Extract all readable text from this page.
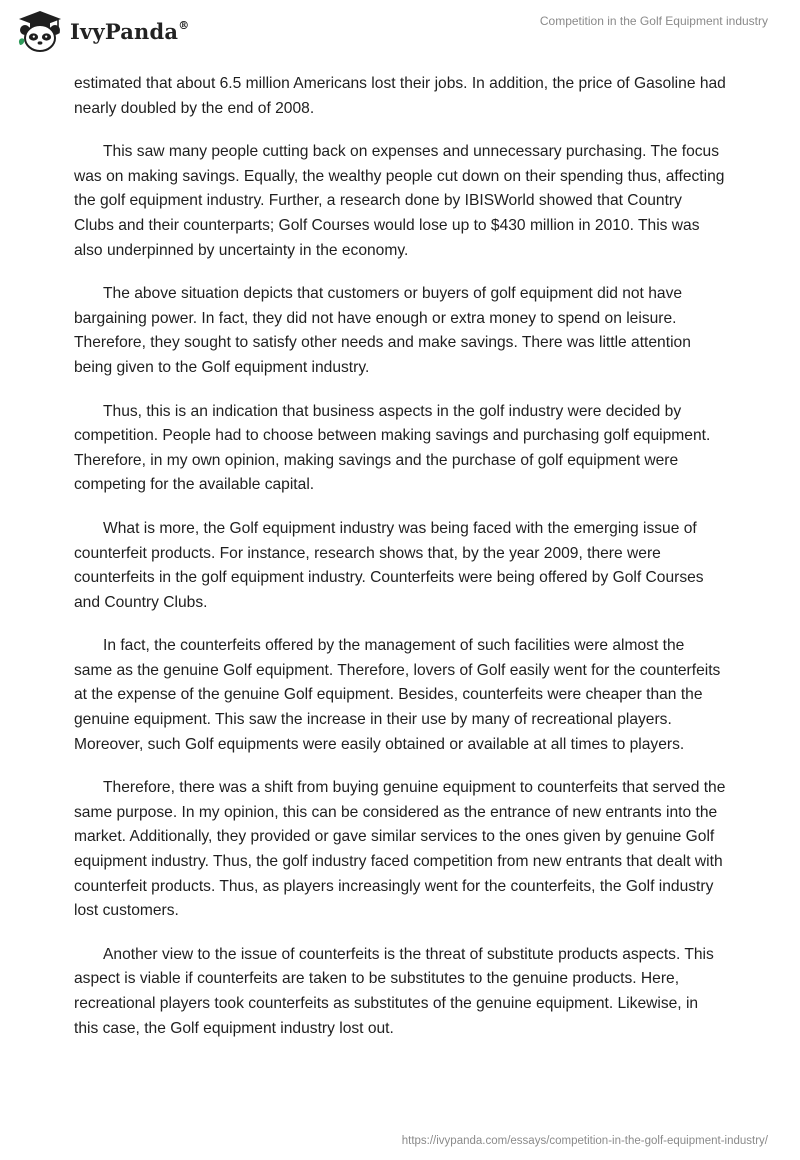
IvyPanda®	Competition in the Golf Equipment industry

estimated that about 6.5 million Americans lost their jobs. In addition, the price of Gasoline had nearly doubled by the end of 2008.

This saw many people cutting back on expenses and unnecessary purchasing. The focus was on making savings. Equally, the wealthy people cut down on their spending thus, affecting the golf equipment industry. Further, a research done by IBISWorld showed that Country Clubs and their counterparts; Golf Courses would lose up to $430 million in 2010. This was also underpinned by uncertainty in the economy.

The above situation depicts that customers or buyers of golf equipment did not have bargaining power. In fact, they did not have enough or extra money to spend on leisure. Therefore, they sought to satisfy other needs and make savings. There was little attention being given to the Golf equipment industry.

Thus, this is an indication that business aspects in the golf industry were decided by competition. People had to choose between making savings and purchasing golf equipment. Therefore, in my own opinion, making savings and the purchase of golf equipment were competing for the available capital.

What is more, the Golf equipment industry was being faced with the emerging issue of counterfeit products. For instance, research shows that, by the year 2009, there were counterfeits in the golf equipment industry. Counterfeits were being offered by Golf Courses and Country Clubs.

In fact, the counterfeits offered by the management of such facilities were almost the same as the genuine Golf equipment. Therefore, lovers of Golf easily went for the counterfeits at the expense of the genuine Golf equipment. Besides, counterfeits were cheaper than the genuine equipment. This saw the increase in their use by many of recreational players. Moreover, such Golf equipments were easily obtained or available at all times to players.

Therefore, there was a shift from buying genuine equipment to counterfeits that served the same purpose. In my opinion, this can be considered as the entrance of new entrants into the market. Additionally, they provided or gave similar services to the ones given by genuine Golf equipment industry. Thus, the golf industry faced competition from new entrants that dealt with counterfeit products. Thus, as players increasingly went for the counterfeits, the Golf industry lost customers.

Another view to the issue of counterfeits is the threat of substitute products aspects. This aspect is viable if counterfeits are taken to be substitutes to the genuine products. Here, recreational players took counterfeits as substitutes of the genuine equipment. Likewise, in this case, the Golf equipment industry lost out.

https://ivypanda.com/essays/competition-in-the-golf-equipment-industry/
